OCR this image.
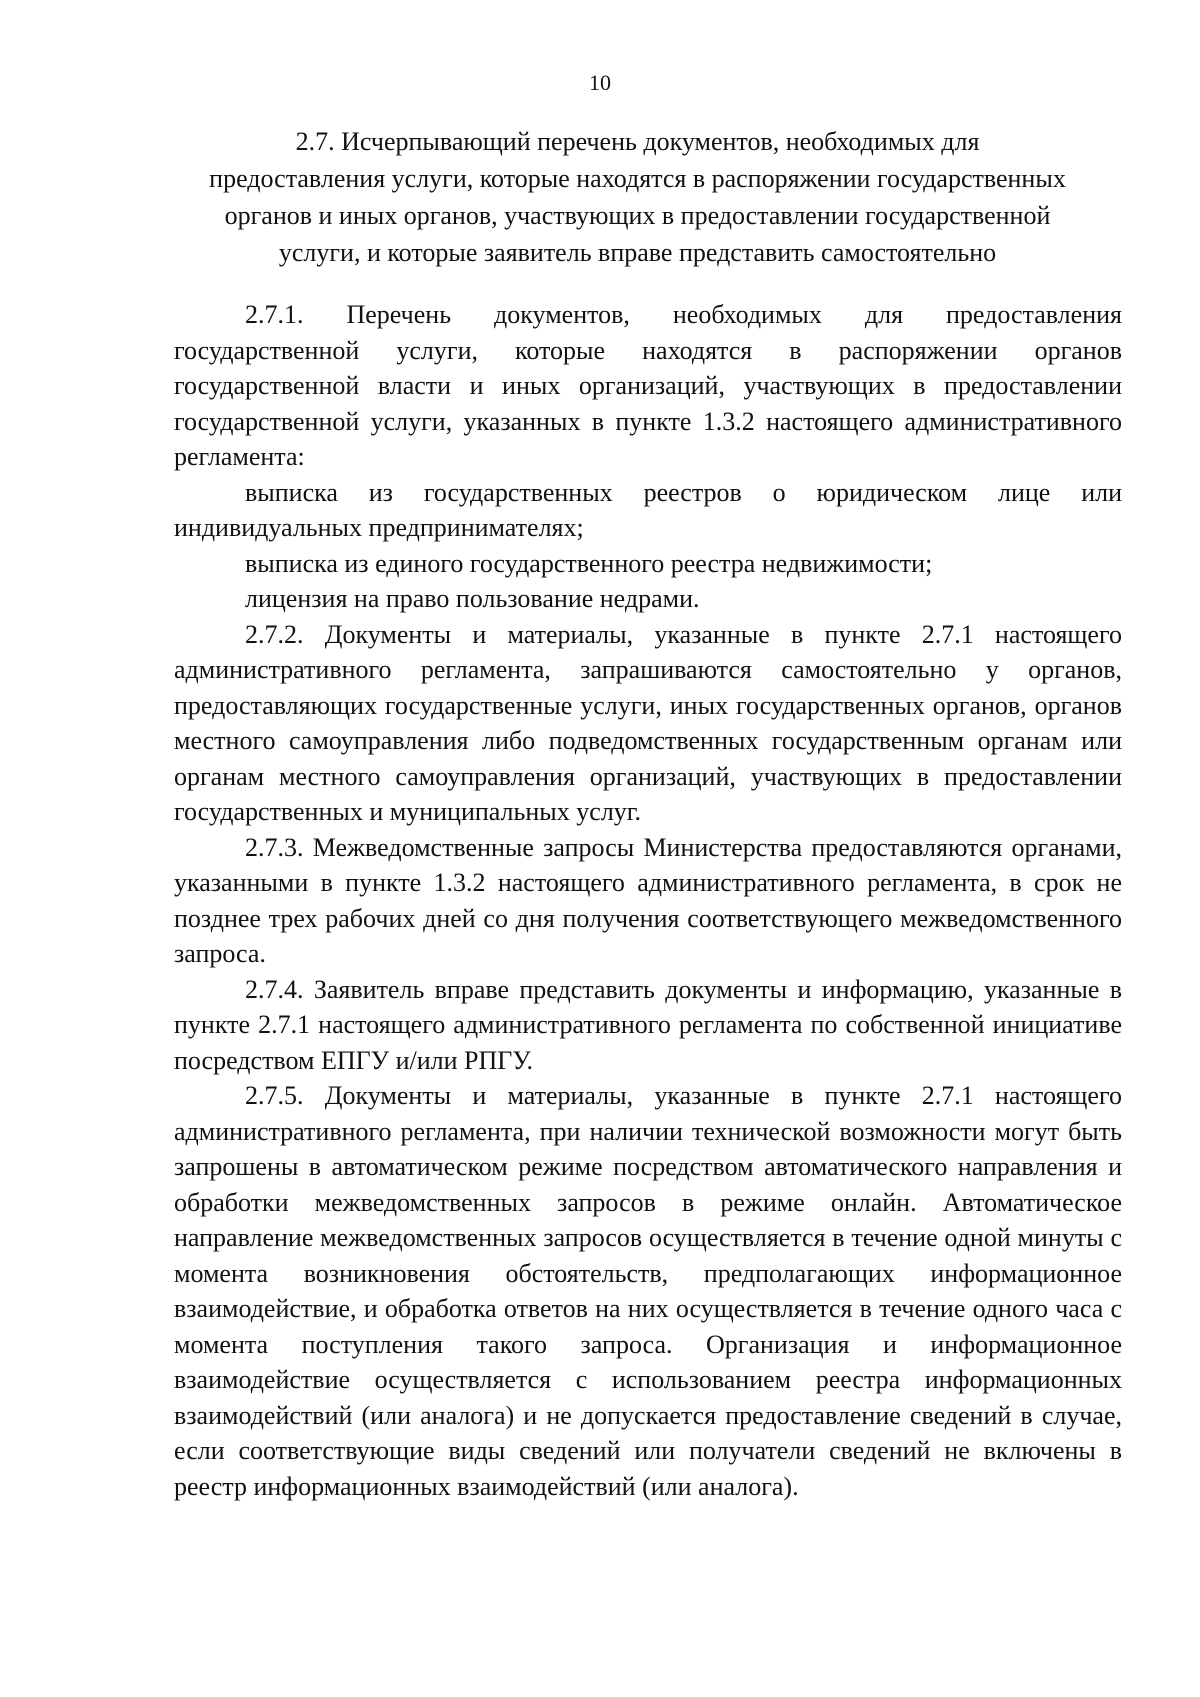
10
2.7. Исчерпывающий перечень документов, необходимых для
предоставления услуги, которые находятся в распоряжении государственных
органов и иных органов, участвующих в предоставлении государственной
услуги, и которые заявитель вправе представить самостоятельно

2.7.1. Перечень документов, необходимых для предоставления государственной услуги, которые находятся в распоряжении органов государственной власти и иных организаций, участвующих в предоставлении государственной услуги, указанных в пункте 1.3.2 настоящего административного регламента:

выписка из государственных реестров о юридическом лице или индивидуальных предпринимателях;

выписка из единого государственного реестра недвижимости;

лицензия на право пользование недрами.

2.7.2. Документы и материалы, указанные в пункте 2.7.1 настоящего административного регламента, запрашиваются самостоятельно у органов, предоставляющих государственные услуги, иных государственных органов, органов местного самоуправления либо подведомственных государственным органам или органам местного самоуправления организаций, участвующих в предоставлении государственных и муниципальных услуг.

2.7.3. Межведомственные запросы Министерства предоставляются органами, указанными в пункте 1.3.2 настоящего административного регламента, в срок не позднее трех рабочих дней со дня получения соответствующего межведомственного запроса.

2.7.4. Заявитель вправе представить документы и информацию, указанные в пункте 2.7.1 настоящего административного регламента по собственной инициативе посредством ЕПГУ и/или РПГУ.

2.7.5. Документы и материалы, указанные в пункте 2.7.1 настоящего административного регламента, при наличии технической возможности могут быть запрошены в автоматическом режиме посредством автоматического направления и обработки межведомственных запросов в режиме онлайн. Автоматическое направление межведомственных запросов осуществляется в течение одной минуты с момента возникновения обстоятельств, предполагающих информационное взаимодействие, и обработка ответов на них осуществляется в течение одного часа с момента поступления такого запроса. Организация и информационное взаимодействие осуществляется с использованием реестра информационных взаимодействий (или аналога) и не допускается предоставление сведений в случае, если соответствующие виды сведений или получатели сведений не включены в реестр информационных взаимодействий (или аналога).
